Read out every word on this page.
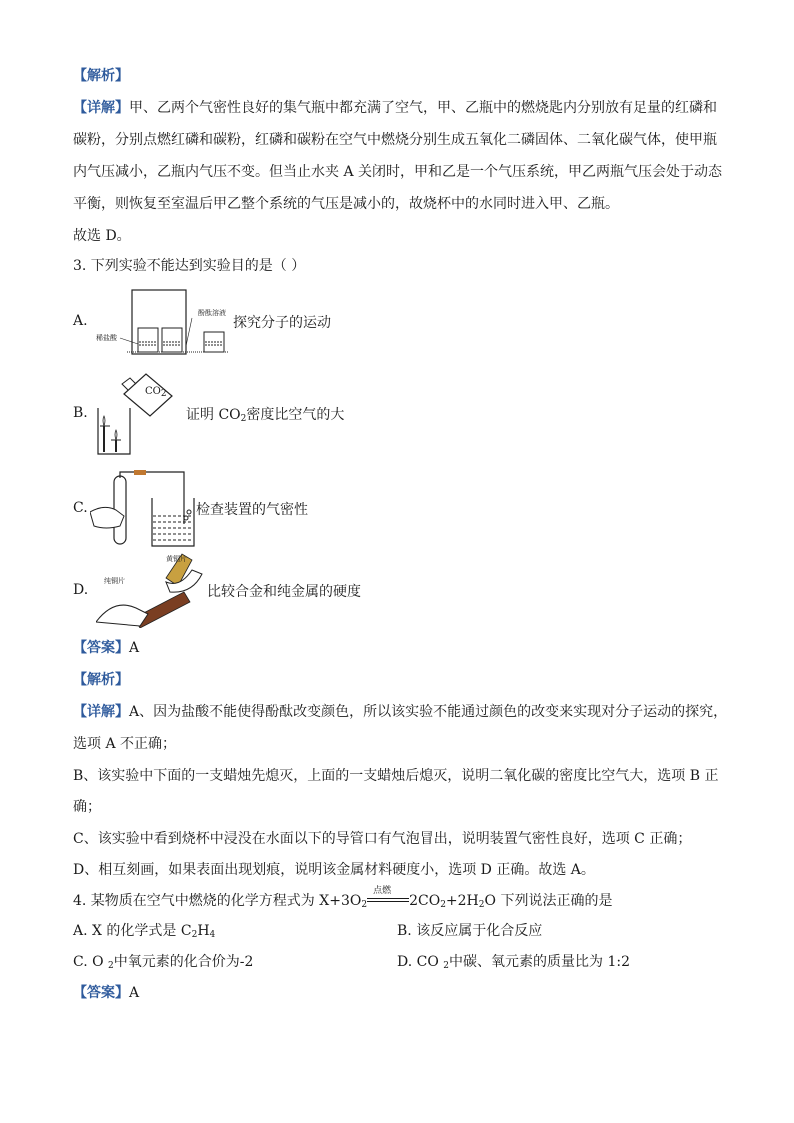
【解析】
【详解】甲、乙两个气密性良好的集气瓶中都充满了空气，甲、乙瓶中的燃烧匙内分别放有足量的红磷和
碳粉，分别点燃红磷和碳粉，红磷和碳粉在空气中燃烧分别生成五氧化二磷固体、二氧化碳气体，使甲瓶
内气压减小，乙瓶内气压不变。但当止水夹 A 关闭时，甲和乙是一个气压系统，甲乙两瓶气压会处于动态
平衡，则恢复至室温后甲乙整个系统的气压是减小的，故烧杯中的水同时进入甲、乙瓶。
故选 D。
3. 下列实验不能达到实验目的是（ ）
A.
稀盐酸
酚酞溶液
探究分子的运动
B.
$CO_2$
证明 $CO_2$密度比空气的大
C.	检查装置的气密性
D.
黄铜片
纯铜片
比较合金和纯金属的硬度
【答案】A
【解析】
【详解】A、因为盐酸不能使得酚酞改变颜色，所以该实验不能通过颜色的改变来实现对分子运动的探究，
选项 A 不正确；
B、该实验中下面的一支蜡烛先熄灭，上面的一支蜡烛后熄灭，说明二氧化碳的密度比空气大，选项 B 正
确；
C、该实验中看到烧杯中浸没在水面以下的导管口有气泡冒出，说明装置气密性良好，选项 C 正确；
D、相互刻画，如果表面出现划痕，说明该金属材料硬度小，选项 D 正确。故选 A。
4. 某物质在空气中燃烧的化学方程式为 $X+3O_2$
点燃
$2CO_2+2H_2O$ 下列说法正确的是
A. X 的化学式是 $C_2H_4$	B. 该反应属于化合反应
C. O $_2$中氧元素的化合价为-2	D. CO $_2$中碳、氧元素的质量比为 1:2
【答案】A
